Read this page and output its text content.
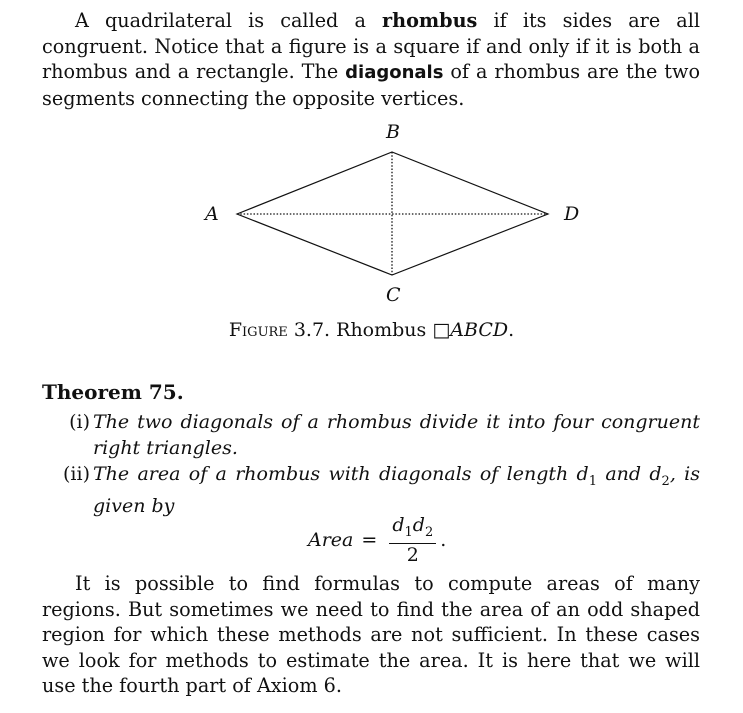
A quadrilateral is called a rhombus if its sides are all congruent. Notice that a figure is a square if and only if it is both a rhombus and a rectangle. The diagonals of a rhombus are the two segments connecting the opposite vertices.

A
B
C
D
Figure 3.7. Rhombus □ABCD.
Theorem 75.
(i) The two diagonals of a rhombus divide it into four congruent right triangles.
(ii) The area of a rhombus with diagonals of length $d_1$ and $d_2$, is given by
Area = $\frac{d_1d_2}{2}$ .

It is possible to find formulas to compute areas of many regions. But sometimes we need to find the area of an odd shaped region for which these methods are not sufficient. In these cases we look for methods to estimate the area. It is here that we will use the fourth part of Axiom 6.
